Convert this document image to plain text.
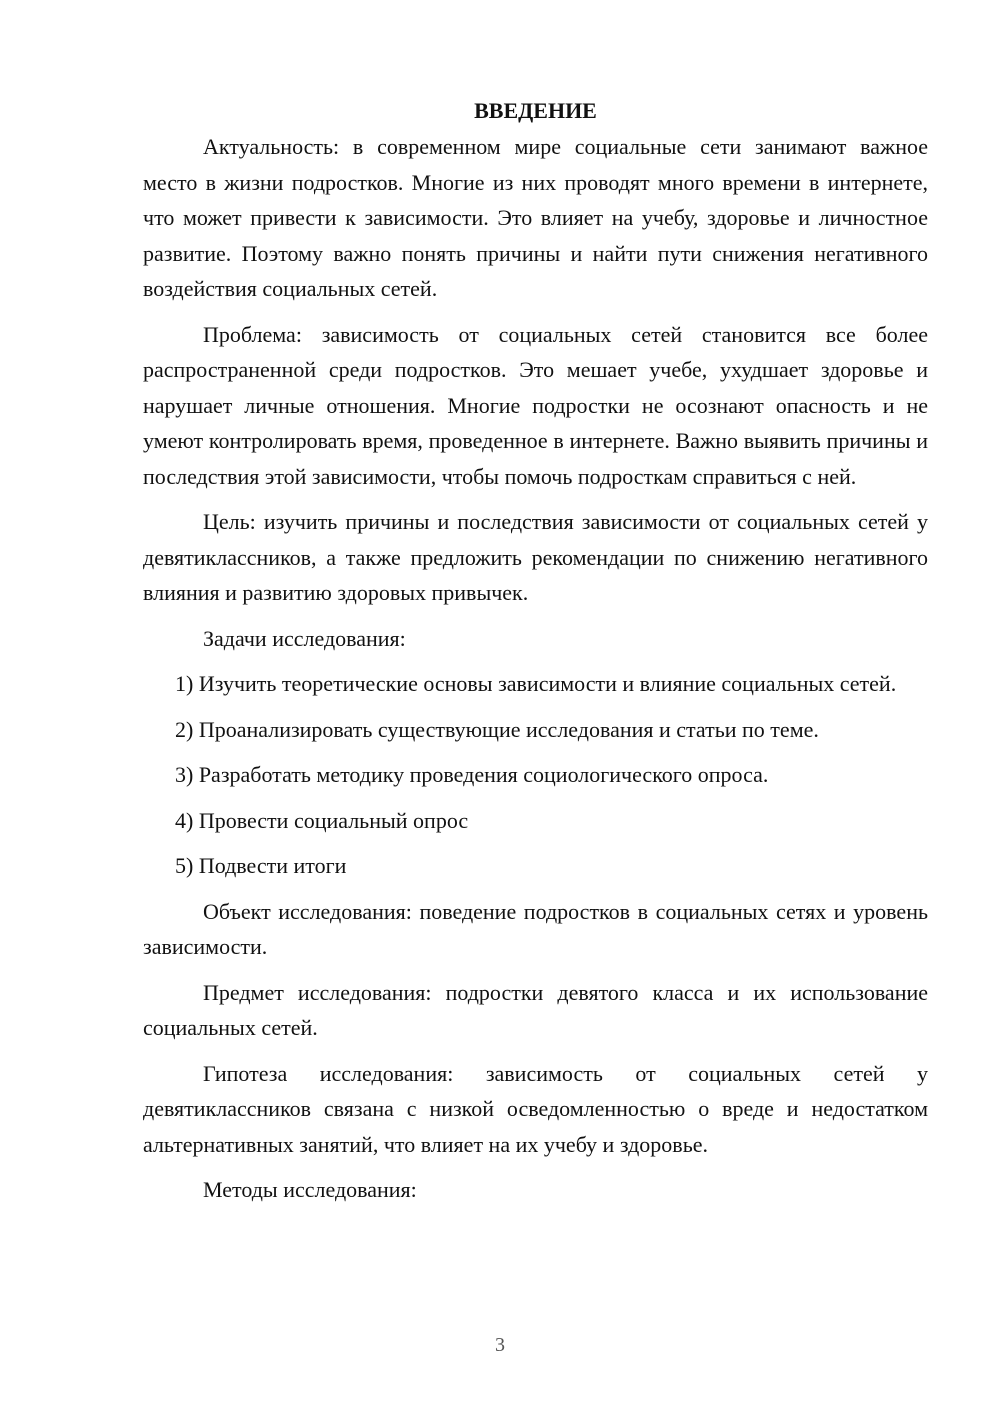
ВВЕДЕНИЕ

Актуальность: в современном мире социальные сети занимают важное место в жизни подростков. Многие из них проводят много времени в интернете, что может привести к зависимости. Это влияет на учебу, здоровье и личностное развитие. Поэтому важно понять причины и найти пути снижения негативного воздействия социальных сетей.

Проблема: зависимость от социальных сетей становится все более распространенной среди подростков. Это мешает учебе, ухудшает здоровье и нарушает личные отношения. Многие подростки не осознают опасность и не умеют контролировать время, проведенное в интернете. Важно выявить причины и последствия этой зависимости, чтобы помочь подросткам справиться с ней.

Цель: изучить причины и последствия зависимости от социальных сетей у девятиклассников, а также предложить рекомендации по снижению негативного влияния и развитию здоровых привычек.

Задачи исследования:

1) Изучить теоретические основы зависимости и влияние социальных сетей.

2) Проанализировать существующие исследования и статьи по теме.

3) Разработать методику проведения социологического опроса.

4) Провести социальный опрос

5) Подвести итоги

Объект исследования: поведение подростков в социальных сетях и уровень зависимости.

Предмет исследования: подростки девятого класса и их использование социальных сетей.

Гипотеза исследования: зависимость от социальных сетей у девятиклассников связана с низкой осведомленностью о вреде и недостатком альтернативных занятий, что влияет на их учебу и здоровье.

Методы исследования:

3
